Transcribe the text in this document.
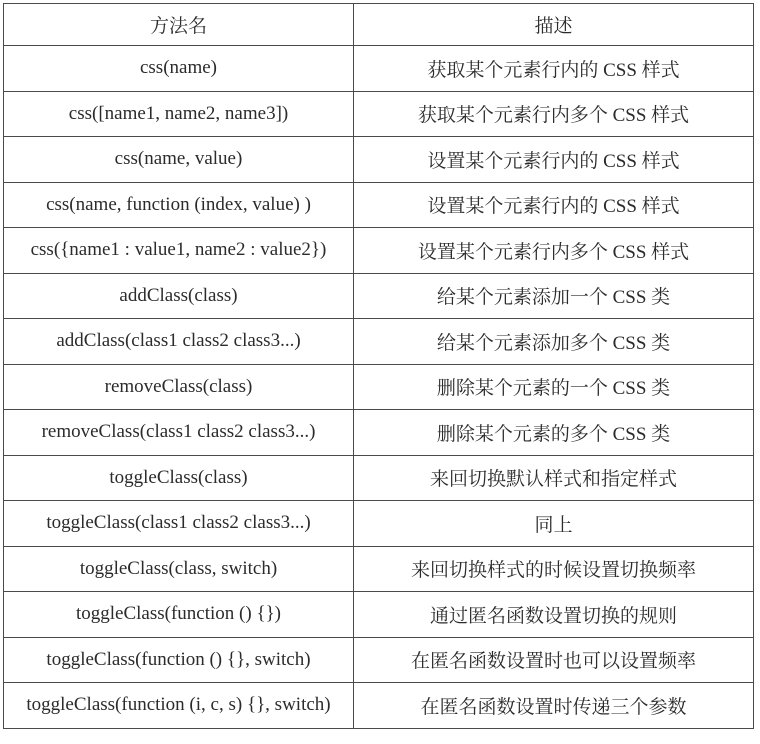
方法名	描述
css(name)	获取某个元素行内的 CSS 样式
css([name1, name2, name3])	获取某个元素行内多个 CSS 样式
css(name, value)	设置某个元素行内的 CSS 样式
css(name, function (index, value) )	设置某个元素行内的 CSS 样式
css({name1 : value1, name2 : value2})	设置某个元素行内多个 CSS 样式
addClass(class)	给某个元素添加一个 CSS 类
addClass(class1 class2 class3...)	给某个元素添加多个 CSS 类
removeClass(class)	删除某个元素的一个 CSS 类
removeClass(class1 class2 class3...)	删除某个元素的多个 CSS 类
toggleClass(class)	来回切换默认样式和指定样式
toggleClass(class1 class2 class3...)	同上
toggleClass(class, switch)	来回切换样式的时候设置切换频率
toggleClass(function () {})	通过匿名函数设置切换的规则
toggleClass(function () {}, switch)	在匿名函数设置时也可以设置频率
toggleClass(function (i, c, s) {}, switch)	在匿名函数设置时传递三个参数
